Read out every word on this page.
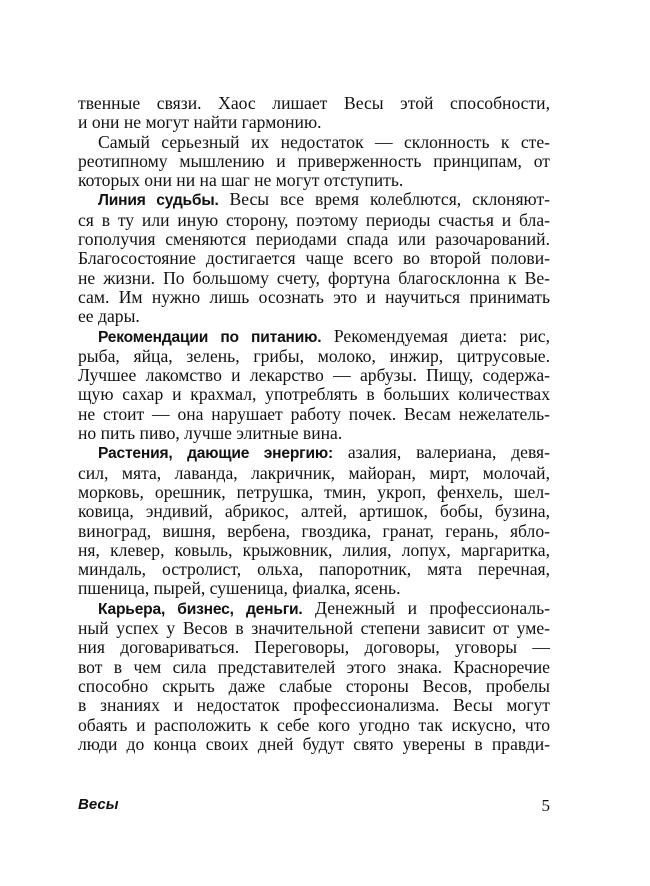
твенные связи. Хаос лишает Весы этой способности,
и они не могут найти гармонию.
Самый серьезный их недостаток — склонность к сте-
реотипному мышлению и приверженность принципам, от
которых они ни на шаг не могут отступить.
Линия судьбы. Весы все время колеблются, склоняют-
ся в ту или иную сторону, поэтому периоды счастья и бла-
гополучия сменяются периодами спада или разочарований.
Благосостояние достигается чаще всего во второй полови-
не жизни. По большому счету, фортуна благосклонна к Ве-
сам. Им нужно лишь осознать это и научиться принимать
ее дары.
Рекомендации по питанию. Рекомендуемая диета: рис,
рыба, яйца, зелень, грибы, молоко, инжир, цитрусовые.
Лучшее лакомство и лекарство — арбузы. Пищу, содержа-
щую сахар и крахмал, употреблять в больших количествах
не стоит — она нарушает работу почек. Весам нежелатель-
но пить пиво, лучше элитные вина.
Растения, дающие энергию: азалия, валериана, девя-
сил, мята, лаванда, лакричник, майоран, мирт, молочай,
морковь, орешник, петрушка, тмин, укроп, фенхель, шел-
ковица, эндивий, абрикос, алтей, артишок, бобы, бузина,
виноград, вишня, вербена, гвоздика, гранат, герань, ябло-
ня, клевер, ковыль, крыжовник, лилия, лопух, маргаритка,
миндаль, остролист, ольха, папоротник, мята перечная,
пшеница, пырей, сушеница, фиалка, ясень.
Карьера, бизнес, деньги. Денежный и профессиональ-
ный успех у Весов в значительной степени зависит от уме-
ния договариваться. Переговоры, договоры, уговоры —
вот в чем сила представителей этого знака. Красноречие
способно скрыть даже слабые стороны Весов, пробелы
в знаниях и недостаток профессионализма. Весы могут
обаять и расположить к себе кого угодно так искусно, что
люди до конца своих дней будут свято уверены в правди-
Весы	5
